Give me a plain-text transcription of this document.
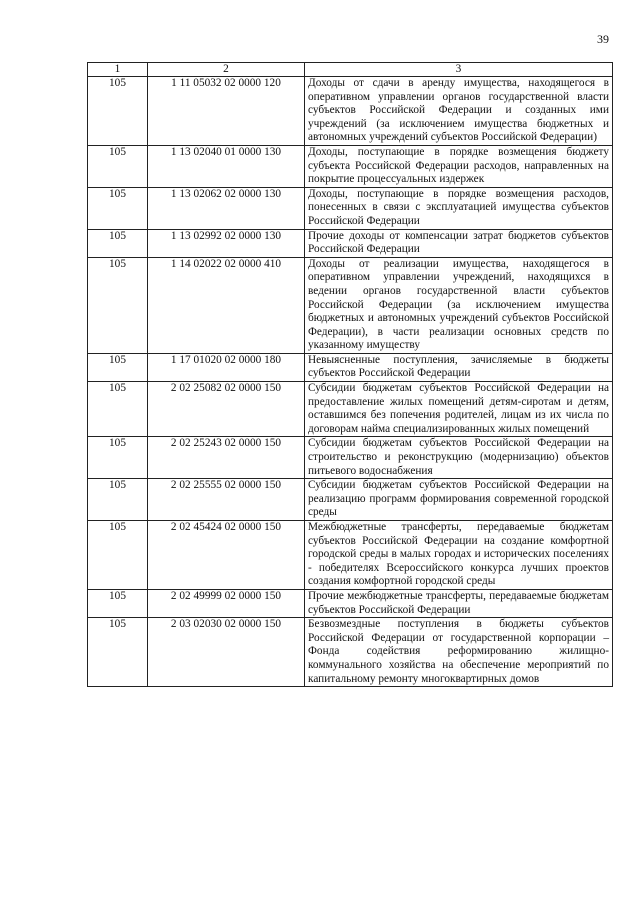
39
1	2	3
105	1 11 05032 02 0000 120	Доходы от сдачи в аренду имущества, находящегося в оперативном управлении органов государственной власти субъектов Российской Федерации и созданных ими учреждений (за исключением имущества бюджетных и автономных учреждений субъектов Российской Федерации)
105	1 13 02040 01 0000 130	Доходы, поступающие в порядке возмещения бюджету субъекта Российской Федерации расходов, направленных на покрытие процессуальных издержек
105	1 13 02062 02 0000 130	Доходы, поступающие в порядке возмещения расходов, понесенных в связи с эксплуатацией имущества субъектов Российской Федерации
105	1 13 02992 02 0000 130	Прочие доходы от компенсации затрат бюджетов субъектов Российской Федерации
105	1 14 02022 02 0000 410	Доходы от реализации имущества, находящегося в оперативном управлении учреждений, находящихся в ведении органов государственной власти субъектов Российской Федерации (за исключением имущества бюджетных и автономных учреждений субъектов Российской Федерации), в части реализации основных средств по указанному имуществу
105	1 17 01020 02 0000 180	Невыясненные поступления, зачисляемые в бюджеты субъектов Российской Федерации
105	2 02 25082 02 0000 150	Субсидии бюджетам субъектов Российской Федерации на предоставление жилых помещений детям-сиротам и детям, оставшимся без попечения родителей, лицам из их числа по договорам найма специализированных жилых помещений
105	2 02 25243 02 0000 150	Субсидии бюджетам субъектов Российской Федерации на строительство и реконструкцию (модернизацию) объектов питьевого водоснабжения
105	2 02 25555 02 0000 150	Субсидии бюджетам субъектов Российской Федерации на реализацию программ формирования современной городской среды
105	2 02 45424 02 0000 150	Межбюджетные трансферты, передаваемые бюджетам субъектов Российской Федерации на создание комфортной городской среды в малых городах и исторических поселениях - победителях Всероссийского конкурса лучших проектов создания комфортной городской среды
105	2 02 49999 02 0000 150	Прочие межбюджетные трансферты, передаваемые бюджетам субъектов Российской Федерации
105	2 03 02030 02 0000 150	Безвозмездные поступления в бюджеты субъектов Российской Федерации от государственной корпорации – Фонда содействия реформированию жилищно-коммунального хозяйства на обеспечение мероприятий по капитальному ремонту многоквартирных домов
